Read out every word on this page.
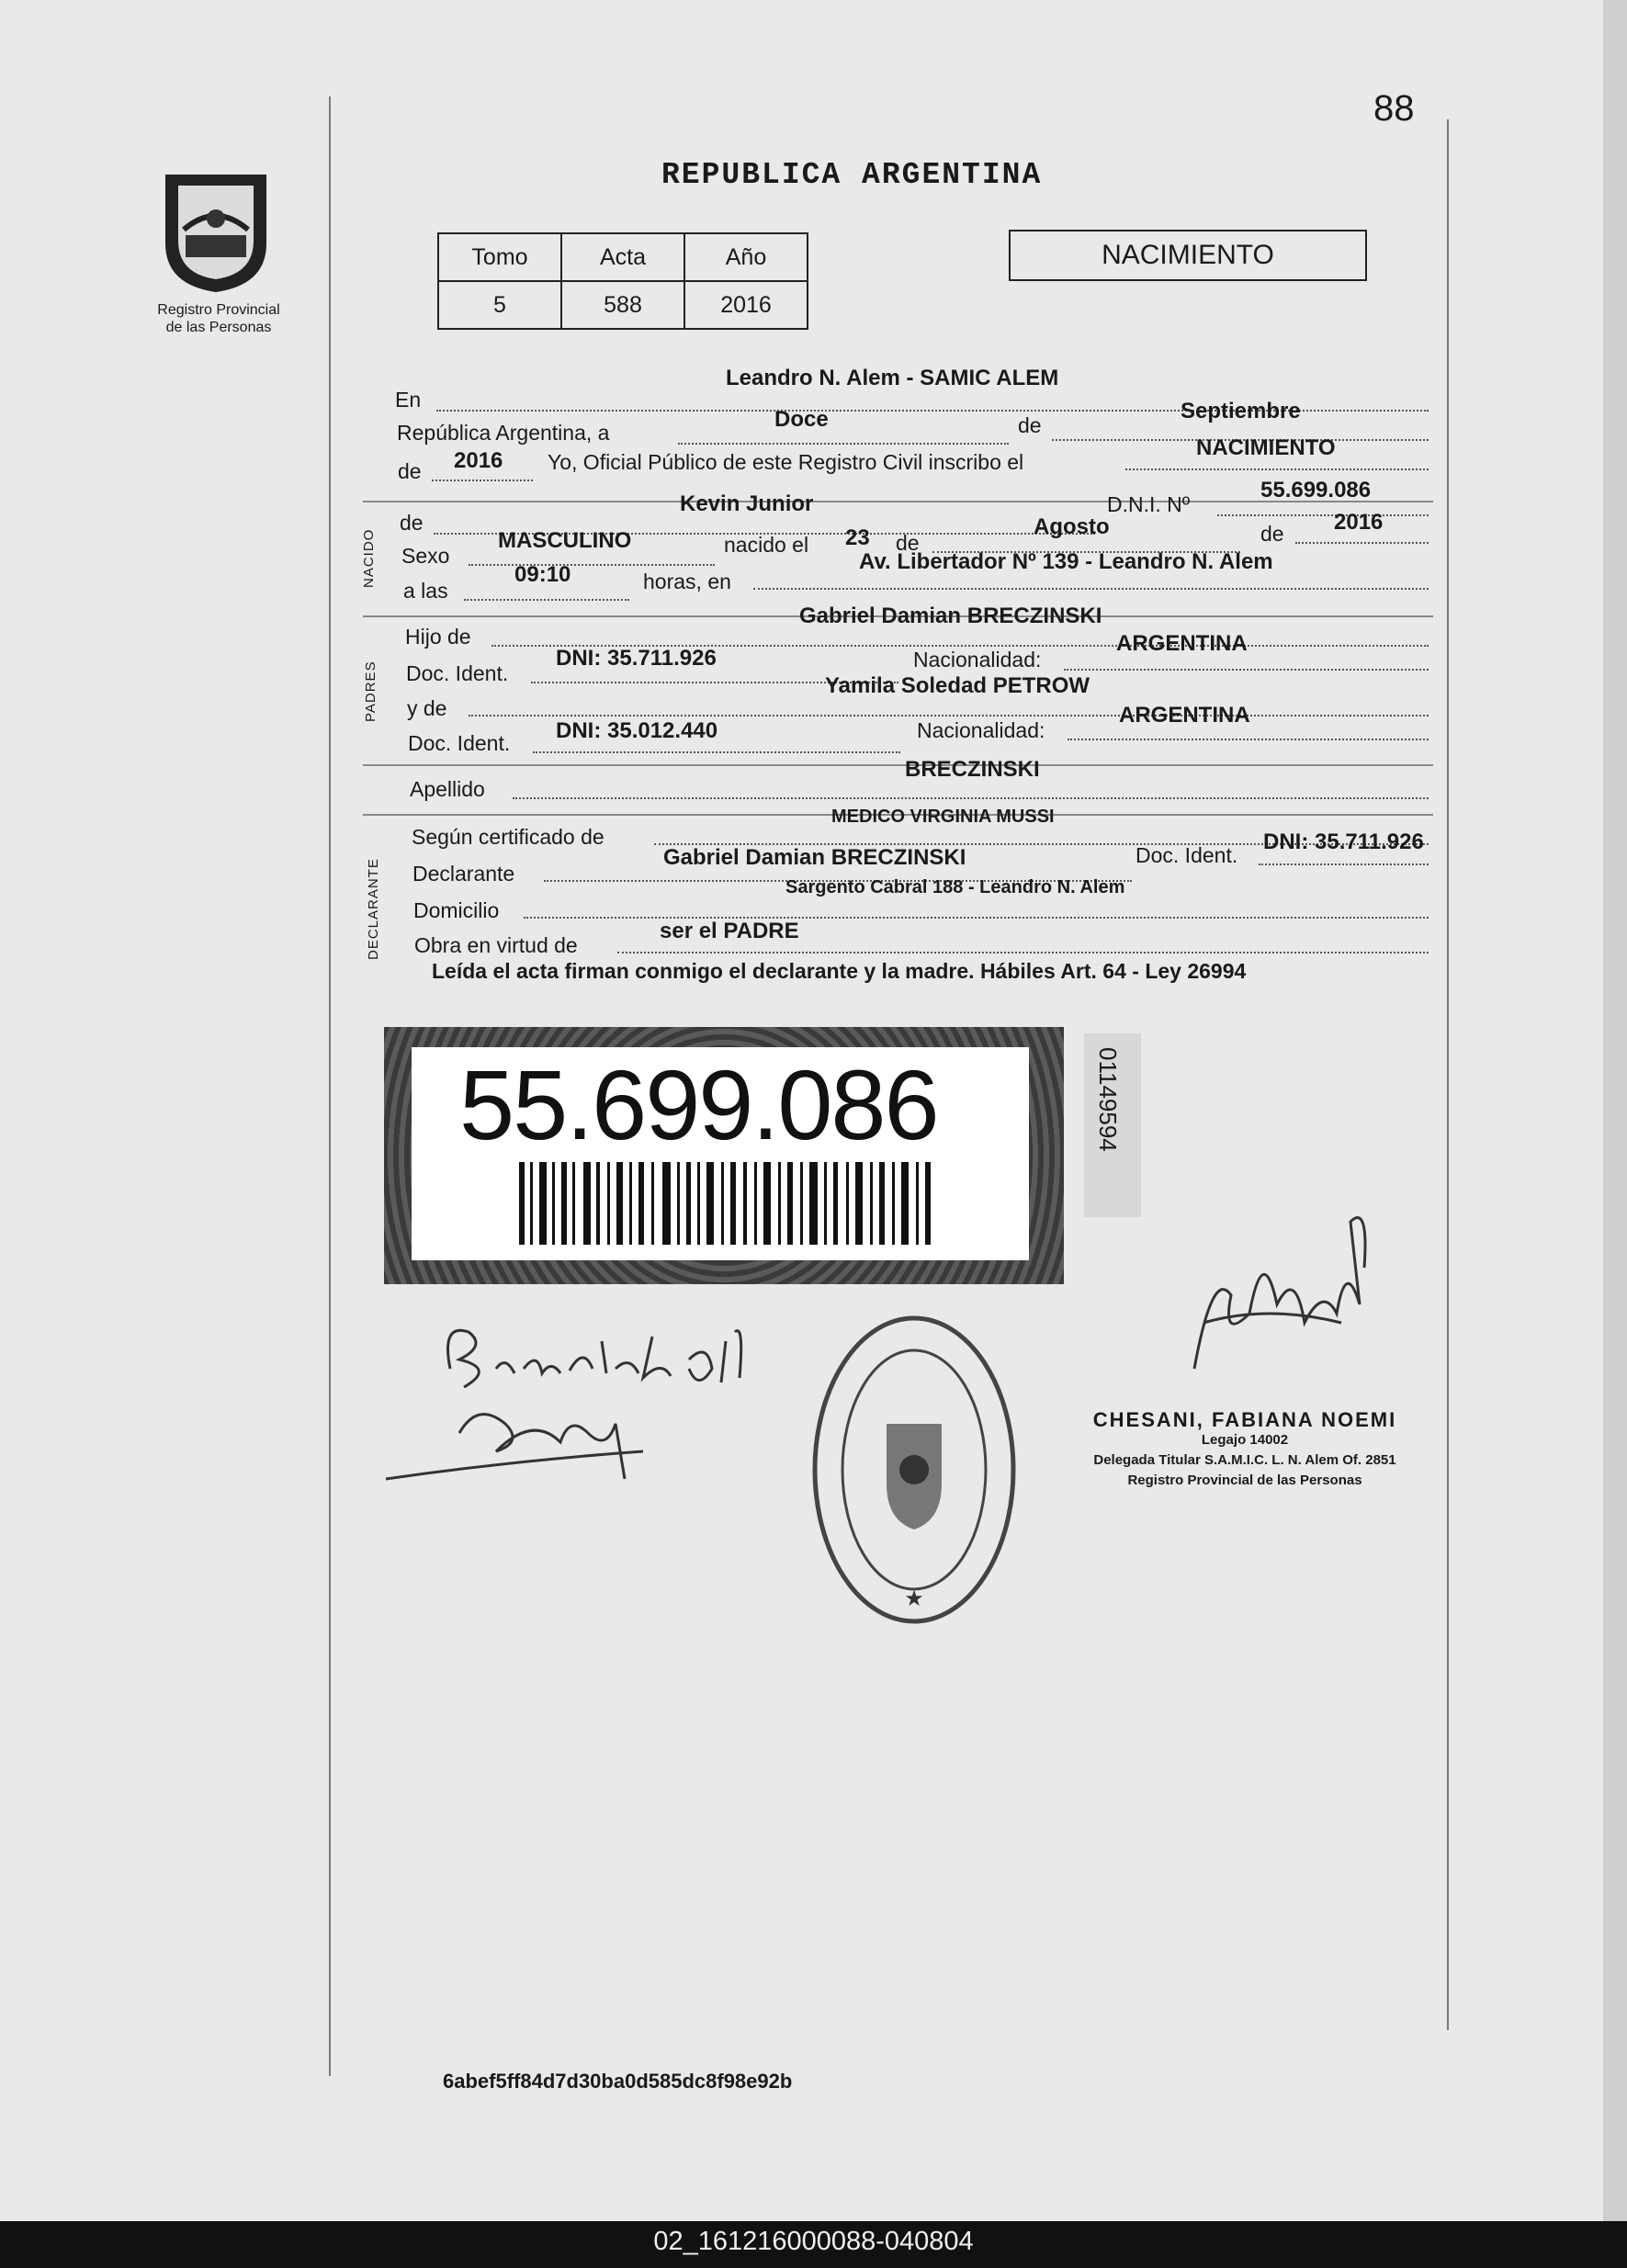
88
Registro Provincial
de las Personas
REPUBLICA ARGENTINA
Tomo	Acta	Año
5	588	2016
NACIMIENTO
En
Leandro N. Alem - SAMIC ALEM
República Argentina, a
Doce	de
Septiembre
de 2016 Yo, Oficial Público de este Registro Civil inscribo el
NACIMIENTO
NACIDO
de
Kevin Junior	D.N.I. Nº
55.699.086
Sexo
MASCULINO	nacido el 23 de
Agosto	de 2016
a las
09:10	horas, en
Av. Libertador Nº 139 - Leandro N. Alem
PADRES
Hijo de
Gabriel Damian BRECZINSKI
Doc. Ident.
DNI: 35.711.926	Nacionalidad:
ARGENTINA
y de
Yamila Soledad PETROW
Doc. Ident. DNI: 35.012.440	Nacionalidad:
ARGENTINA
Apellido
BRECZINSKI
DECLARANTE
Según certificado de
MEDICO VIRGINIA MUSSI
Declarante
Gabriel Damian BRECZINSKI	Doc. Ident.
DNI: 35.711.926
Domicilio
Sargento Cabral 188 - Leandro N. Alem
Obra en virtud de
ser el PADRE
Leída el acta firman conmigo el declarante y la madre. Hábiles Art. 64 - Ley 26994
55.699.086	01149594
★
CHESANI, FABIANA NOEMI
Legajo 14002
Delegada Titular S.A.M.I.C. L. N. Alem Of. 2851
Registro Provincial de las Personas
6abef5ff84d7d30ba0d585dc8f98e92b
02_161216000088-040804
